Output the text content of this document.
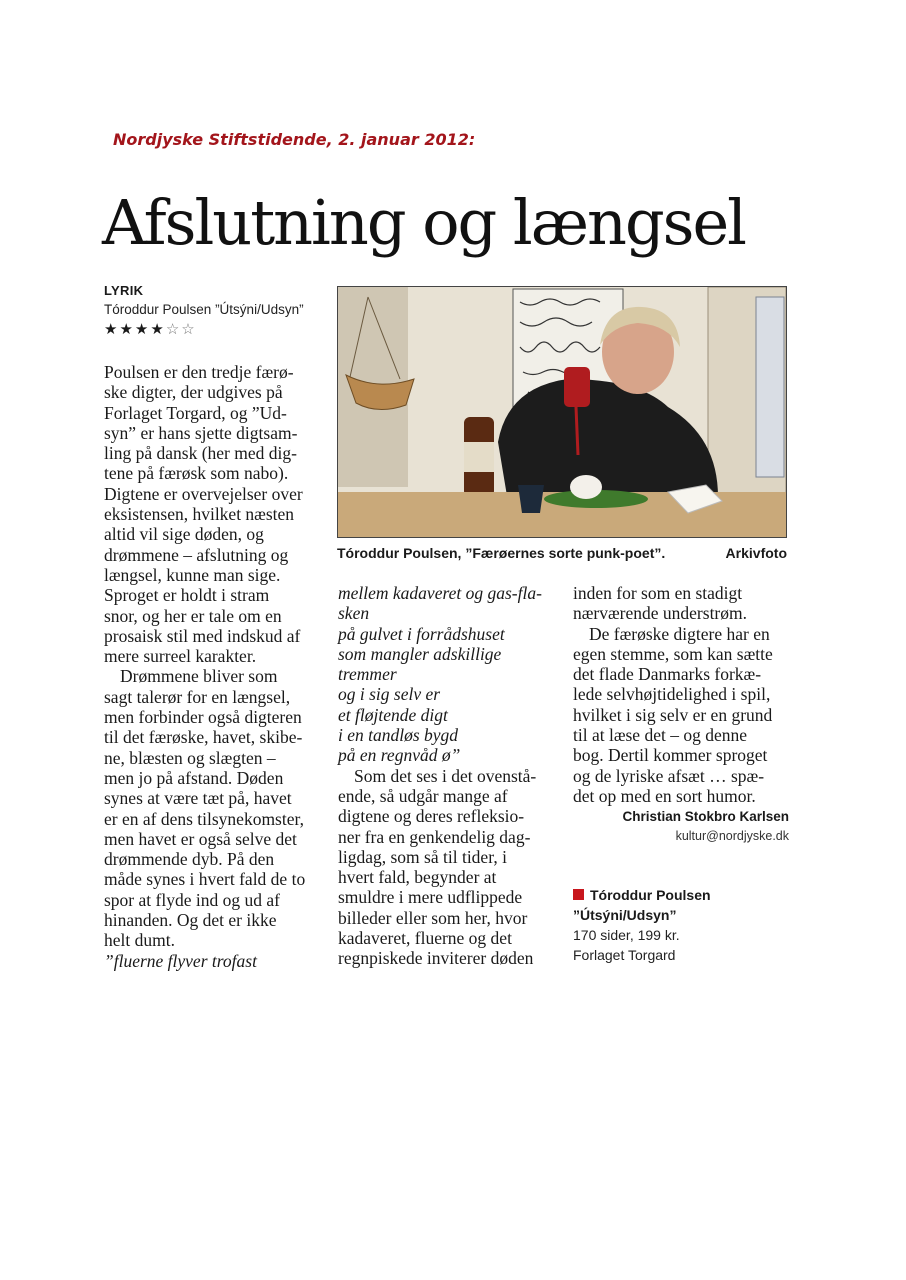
Nordjyske Stiftstidende, 2. januar 2012:
Afslutning og længsel
LYRIK
Tóroddur Poulsen ”Útsýni/Udsyn”
★★★★☆☆
Poulsen er den tredje færø-
ske digter, der udgives på
Forlaget Torgard, og ”Ud-
syn” er hans sjette digtsam-
ling på dansk (her med dig-
tene på færøsk som nabo).
Digtene er overvejelser over
eksistensen, hvilket næsten
altid vil sige døden, og
drømmene – afslutning og
længsel, kunne man sige.
Sproget er holdt i stram
snor, og her er tale om en
prosaisk stil med indskud af
mere surreel karakter.
Drømmene bliver som
sagt talerør for en længsel,
men forbinder også digteren
til det færøske, havet, skibe-
ne, blæsten og slægten –
men jo på afstand. Døden
synes at være tæt på, havet
er en af dens tilsynekomster,
men havet er også selve det
drømmende dyb. På den
måde synes i hvert fald de to
spor at flyde ind og ud af
hinanden. Og det er ikke
helt dumt.
”fluerne flyver trofast
Tóroddur Poulsen, ”Færøernes sorte punk-poet”.	Arkivfoto
mellem kadaveret og gas-fla-
sken
på gulvet i forrådshuset
som mangler adskillige
tremmer
og i sig selv er
et fløjtende digt
i en tandløs bygd
på en regnvåd ø”
Som det ses i det ovenstå-
ende, så udgår mange af
digtene og deres refleksio-
ner fra en genkendelig dag-
ligdag, som så til tider, i
hvert fald, begynder at
smuldre i mere udflippede
billeder eller som her, hvor
kadaveret, fluerne og det
regnpiskede inviterer døden
inden for som en stadigt
nærværende understrøm.
De færøske digtere har en
egen stemme, som kan sætte
det flade Danmarks forkæ-
lede selvhøjtidelighed i spil,
hvilket i sig selv er en grund
til at læse det – og denne
bog. Dertil kommer sproget
og de lyriske afsæt … spæ-
det op med en sort humor.
Christian Stokbro Karlsen
kultur@nordjyske.dk
Tóroddur Poulsen
”Útsýni/Udsyn”
170 sider, 199 kr.
Forlaget Torgard
